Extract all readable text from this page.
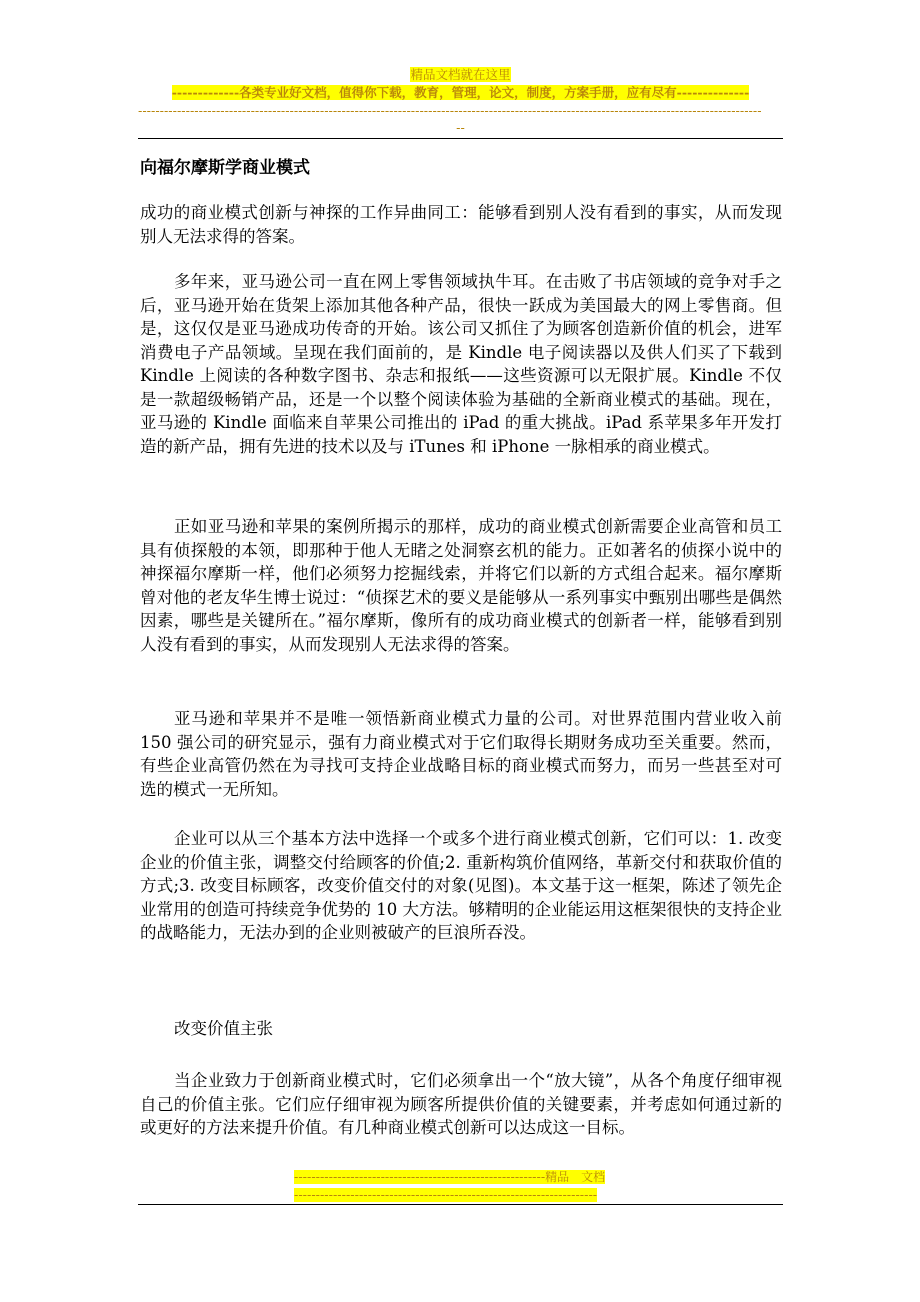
精品文档就在这里
-------------各类专业好文档，值得你下载，教育，管理，论文，制度，方案手册，应有尽有--------------
------------------------------------------------------------------------------------------------------------------------------------------------
--
向福尔摩斯学商业模式

成功的商业模式创新与神探的工作异曲同工：能够看到别人没有看到的事实，从而发现别人无法求得的答案。

多年来，亚马逊公司一直在网上零售领域执牛耳。在击败了书店领域的竞争对手之后，亚马逊开始在货架上添加其他各种产品，很快一跃成为美国最大的网上零售商。但是，这仅仅是亚马逊成功传奇的开始。该公司又抓住了为顾客创造新价值的机会，进军消费电子产品领域。呈现在我们面前的，是 Kindle 电子阅读器以及供人们买了下载到 Kindle 上阅读的各种数字图书、杂志和报纸——这些资源可以无限扩展。Kindle 不仅是一款超级畅销产品，还是一个以整个阅读体验为基础的全新商业模式的基础。现在，亚马逊的 Kindle 面临来自苹果公司推出的 iPad 的重大挑战。iPad 系苹果多年开发打造的新产品，拥有先进的技术以及与 iTunes 和 iPhone 一脉相承的商业模式。

正如亚马逊和苹果的案例所揭示的那样，成功的商业模式创新需要企业高管和员工具有侦探般的本领，即那种于他人无睹之处洞察玄机的能力。正如著名的侦探小说中的神探福尔摩斯一样，他们必须努力挖掘线索，并将它们以新的方式组合起来。福尔摩斯曾对他的老友华生博士说过：“侦探艺术的要义是能够从一系列事实中甄别出哪些是偶然因素，哪些是关键所在。”福尔摩斯，像所有的成功商业模式的创新者一样，能够看到别人没有看到的事实，从而发现别人无法求得的答案。

亚马逊和苹果并不是唯一领悟新商业模式力量的公司。对世界范围内营业收入前 150 强公司的研究显示，强有力商业模式对于它们取得长期财务成功至关重要。然而，有些企业高管仍然在为寻找可支持企业战略目标的商业模式而努力，而另一些甚至对可选的模式一无所知。

企业可以从三个基本方法中选择一个或多个进行商业模式创新，它们可以：1. 改变企业的价值主张，调整交付给顾客的价值;2. 重新构筑价值网络，革新交付和获取价值的方式;3. 改变目标顾客，改变价值交付的对象(见图)。本文基于这一框架，陈述了领先企业常用的创造可持续竞争优势的 10 大方法。够精明的企业能运用这框架很快的支持企业的战略能力，无法办到的企业则被破产的巨浪所吞没。

改变价值主张

当企业致力于创新商业模式时，它们必须拿出一个“放大镜”，从各个角度仔细审视自己的价值主张。它们应仔细审视为顾客所提供价值的关键要素，并考虑如何通过新的或更好的方法来提升价值。有几种商业模式创新可以达成这一目标。

----------------------------------------------------------精品　文档
----------------------------------------------------------------------
